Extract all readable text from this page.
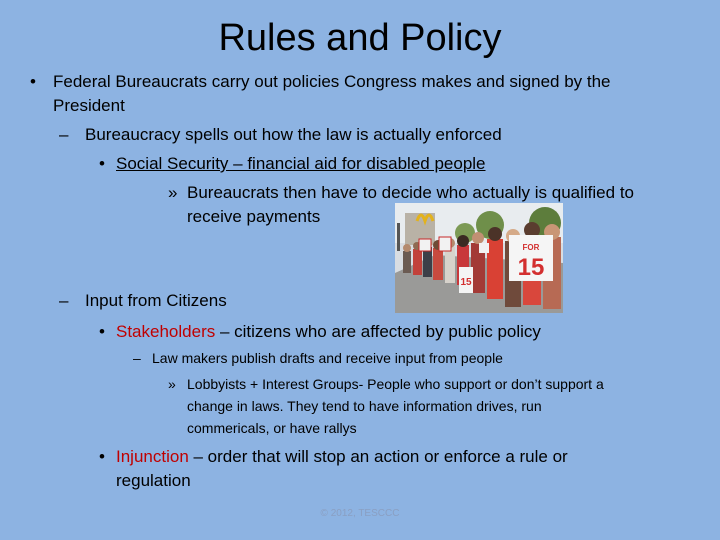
Rules and Policy
• Federal Bureaucrats carry out policies Congress makes and signed by the
President
– Bureaucracy spells out how the law is actually enforced
• Social Security – financial aid for disabled people
» Bureaucrats then have to decide who actually is qualified to
receive payments
15
FOR
15
– Input from Citizens
• Stakeholders – citizens who are affected by public policy
– Law makers publish drafts and receive input from people
» Lobbyists + Interest Groups- People who support or don’t support a
change in laws. They tend to have information drives, run
commericals, or have rallys
• Injunction – order that will stop an action or enforce a rule or
regulation
© 2012, TESCCC
